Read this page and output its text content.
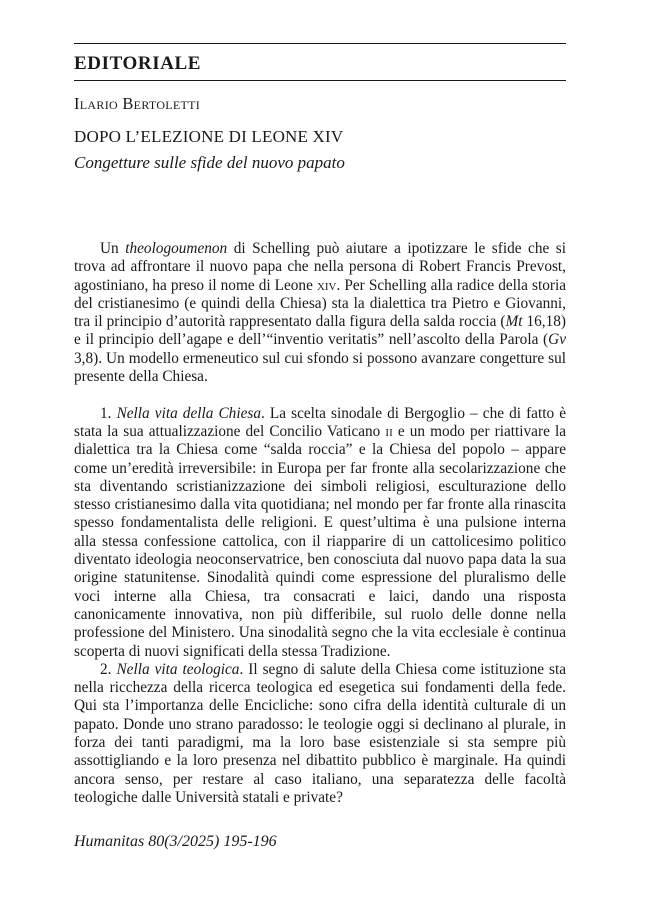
EDITORIALE
Ilario Bertoletti
DOPO L’ELEZIONE DI LEONE XIV
Congetture sulle sfide del nuovo papato

Un theologoumenon di Schelling può aiutare a ipotizzare le sfide che si trova ad affrontare il nuovo papa che nella persona di Robert Francis Prevost, agostiniano, ha preso il nome di Leone xiv. Per Schelling alla radice della storia del cristianesimo (e quindi della Chiesa) sta la dialettica tra Pietro e Giovanni, tra il principio d’autorità rappresentato dalla figura della salda roccia (Mt 16,18) e il principio dell’agape e dell’“inventio veritatis” nell’ascolto della Parola (Gv 3,8). Un modello ermeneutico sul cui sfondo si possono avanzare congetture sul presente della Chiesa.

1. Nella vita della Chiesa. La scelta sinodale di Bergoglio – che di fatto è stata la sua attualizzazione del Concilio Vaticano ii e un modo per riattivare la dialettica tra la Chiesa come “salda roccia” e la Chiesa del popolo – appare come un’eredità irreversibile: in Europa per far fronte alla secolarizzazione che sta diventando scristianizzazione dei simboli religiosi, esculturazione dello stesso cristianesimo dalla vita quotidiana; nel mondo per far fronte alla rinascita spesso fondamentalista delle religioni. E quest’ultima è una pulsione interna alla stessa confessione cattolica, con il riapparire di un cattolicesimo politico diventato ideologia neoconservatrice, ben conosciuta dal nuovo papa data la sua origine statunitense. Sinodalità quindi come espressione del pluralismo delle voci interne alla Chiesa, tra consacrati e laici, dando una risposta canonicamente innovativa, non più differibile, sul ruolo delle donne nella professione del Ministero. Una sinodalità segno che la vita ecclesiale è continua scoperta di nuovi significati della stessa Tradizione.

2. Nella vita teologica. Il segno di salute della Chiesa come istituzione sta nella ricchezza della ricerca teologica ed esegetica sui fondamenti della fede. Qui sta l’importanza delle Encicliche: sono cifra della identità culturale di un papato. Donde uno strano paradosso: le teologie oggi si declinano al plurale, in forza dei tanti paradigmi, ma la loro base esistenziale si sta sempre più assottigliando e la loro presenza nel dibattito pubblico è marginale. Ha quindi ancora senso, per restare al caso italiano, una separatezza delle facoltà teologiche dalle Università statali e private?

Humanitas 80(3/2025) 195-196
